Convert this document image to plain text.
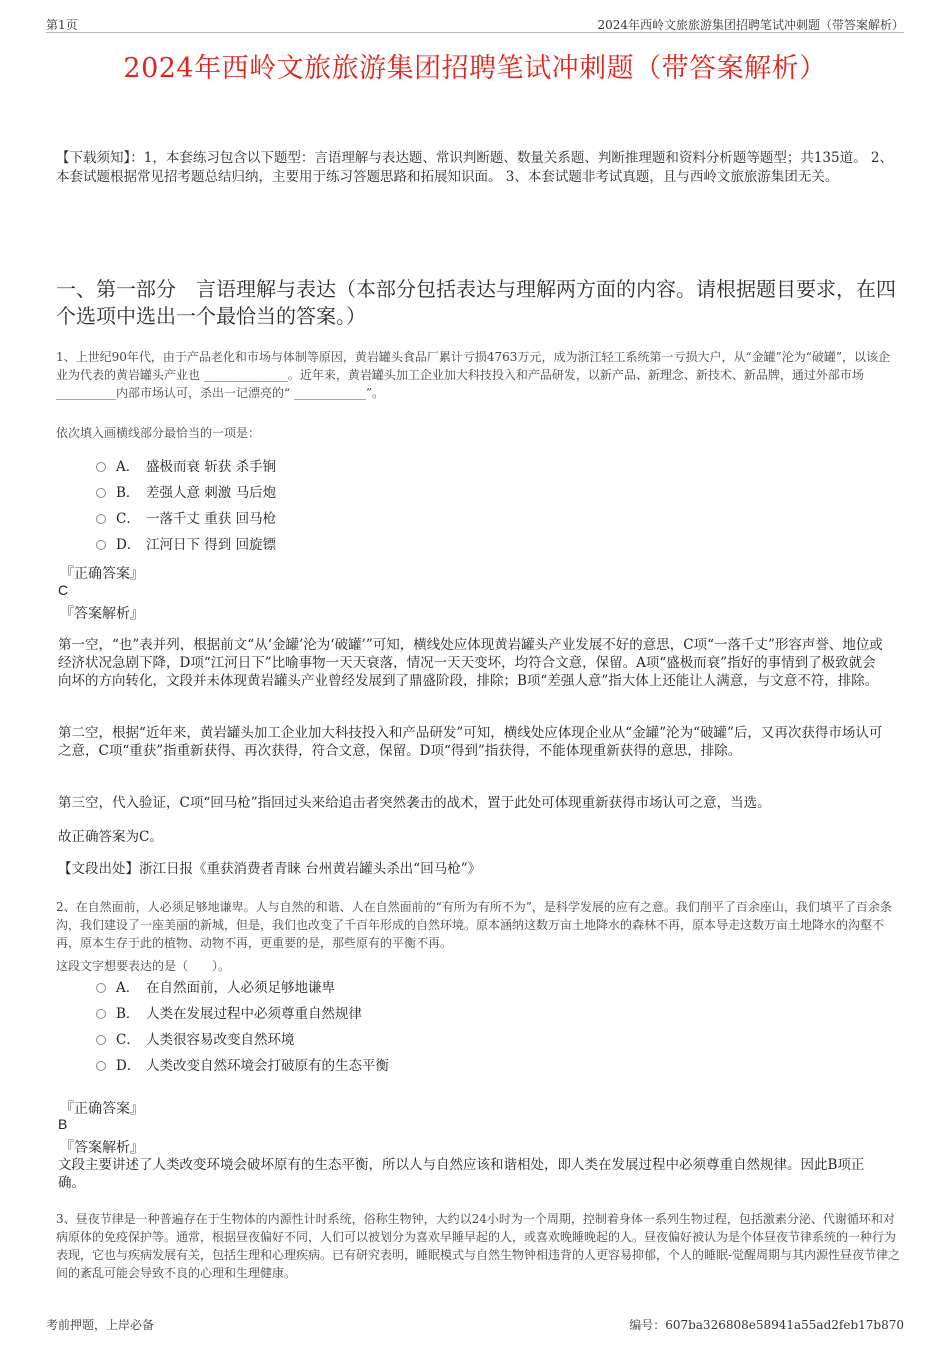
第1页	2024年西岭文旅旅游集团招聘笔试冲刺题（带答案解析）
2024年西岭文旅旅游集团招聘笔试冲刺题（带答案解析）
【下载须知】：1，本套练习包含以下题型：言语理解与表达题、常识判断题、数量关系题、判断推理题和资料分析题等题型；共135道。 2、本套试题根据常见招考题总结归纳，主要用于练习答题思路和拓展知识面。 3、本套试题非考试真题，且与西岭文旅旅游集团无关。
一、第一部分　言语理解与表达（本部分包括表达与理解两方面的内容。请根据题目要求，在四个选项中选出一个最恰当的答案。）
1、上世纪90年代，由于产品老化和市场与体制等原因，黄岩罐头食品厂累计亏损4763万元，成为浙江轻工系统第一亏损大户，从“金罐”沦为“破罐”，以该企业为代表的黄岩罐头产业也 ______________。近年来，黄岩罐头加工企业加大科技投入和产品研发，以新产品、新理念、新技术、新品牌，通过外部市场 __________内部市场认可，杀出一记漂亮的“ ____________”。
依次填入画横线部分最恰当的一项是：
A． 盛极而衰 斩获 杀手锏
B． 差强人意 刺激 马后炮
C． 一落千丈 重获 回马枪
D． 江河日下 得到 回旋镖
『正确答案』
C
『答案解析』
第一空，“也”表并列，根据前文“从‘金罐’沦为‘破罐’”可知，横线处应体现黄岩罐头产业发展不好的意思，C项“一落千丈”形容声誉、地位或经济状况急剧下降，D项“江河日下”比喻事物一天天衰落，情况一天天变坏，均符合文意，保留。A项“盛极而衰”指好的事情到了极致就会向坏的方向转化，文段并未体现黄岩罐头产业曾经发展到了鼎盛阶段，排除；B项“差强人意”指大体上还能让人满意，与文意不符，排除。
第二空，根据“近年来，黄岩罐头加工企业加大科技投入和产品研发”可知，横线处应体现企业从“金罐”沦为“破罐”后，又再次获得市场认可之意，C项“重获”指重新获得、再次获得，符合文意，保留。D项“得到”指获得，不能体现重新获得的意思，排除。
第三空，代入验证，C项“回马枪”指回过头来给追击者突然袭击的战术，置于此处可体现重新获得市场认可之意，当选。
故正确答案为C。
【文段出处】浙江日报《重获消费者青睐 台州黄岩罐头杀出“回马枪”》
2、在自然面前，人必须足够地谦卑。人与自然的和谐、人在自然面前的“有所为有所不为”，是科学发展的应有之意。我们削平了百余座山，我们填平了百余条沟，我们建设了一座美丽的新城，但是，我们也改变了千百年形成的自然环境。原本涵纳这数万亩土地降水的森林不再，原本导走这数万亩土地降水的沟壑不再，原本生存于此的植物、动物不再，更重要的是，那些原有的平衡不再。
这段文字想要表达的是（　　）。
A． 在自然面前，人必须足够地谦卑
B． 人类在发展过程中必须尊重自然规律
C． 人类很容易改变自然环境
D． 人类改变自然环境会打破原有的生态平衡
『正确答案』
B
『答案解析』
文段主要讲述了人类改变环境会破坏原有的生态平衡，所以人与自然应该和谐相处，即人类在发展过程中必须尊重自然规律。因此B项正确。
3、昼夜节律是一种普遍存在于生物体的内源性计时系统，俗称生物钟，大约以24小时为一个周期，控制着身体一系列生物过程，包括激素分泌、代谢循环和对病原体的免疫保护等。通常，根据昼夜偏好不同，人们可以被划分为喜欢早睡早起的人，或喜欢晚睡晚起的人。昼夜偏好被认为是个体昼夜节律系统的一种行为表现，它也与疾病发展有关，包括生理和心理疾病。已有研究表明，睡眠模式与自然生物钟相违背的人更容易抑郁，个人的睡眠-觉醒周期与其内源性昼夜节律之间的紊乱可能会导致不良的心理和生理健康。
考前押题，上岸必备	编号：607ba326808e58941a55ad2feb17b870
